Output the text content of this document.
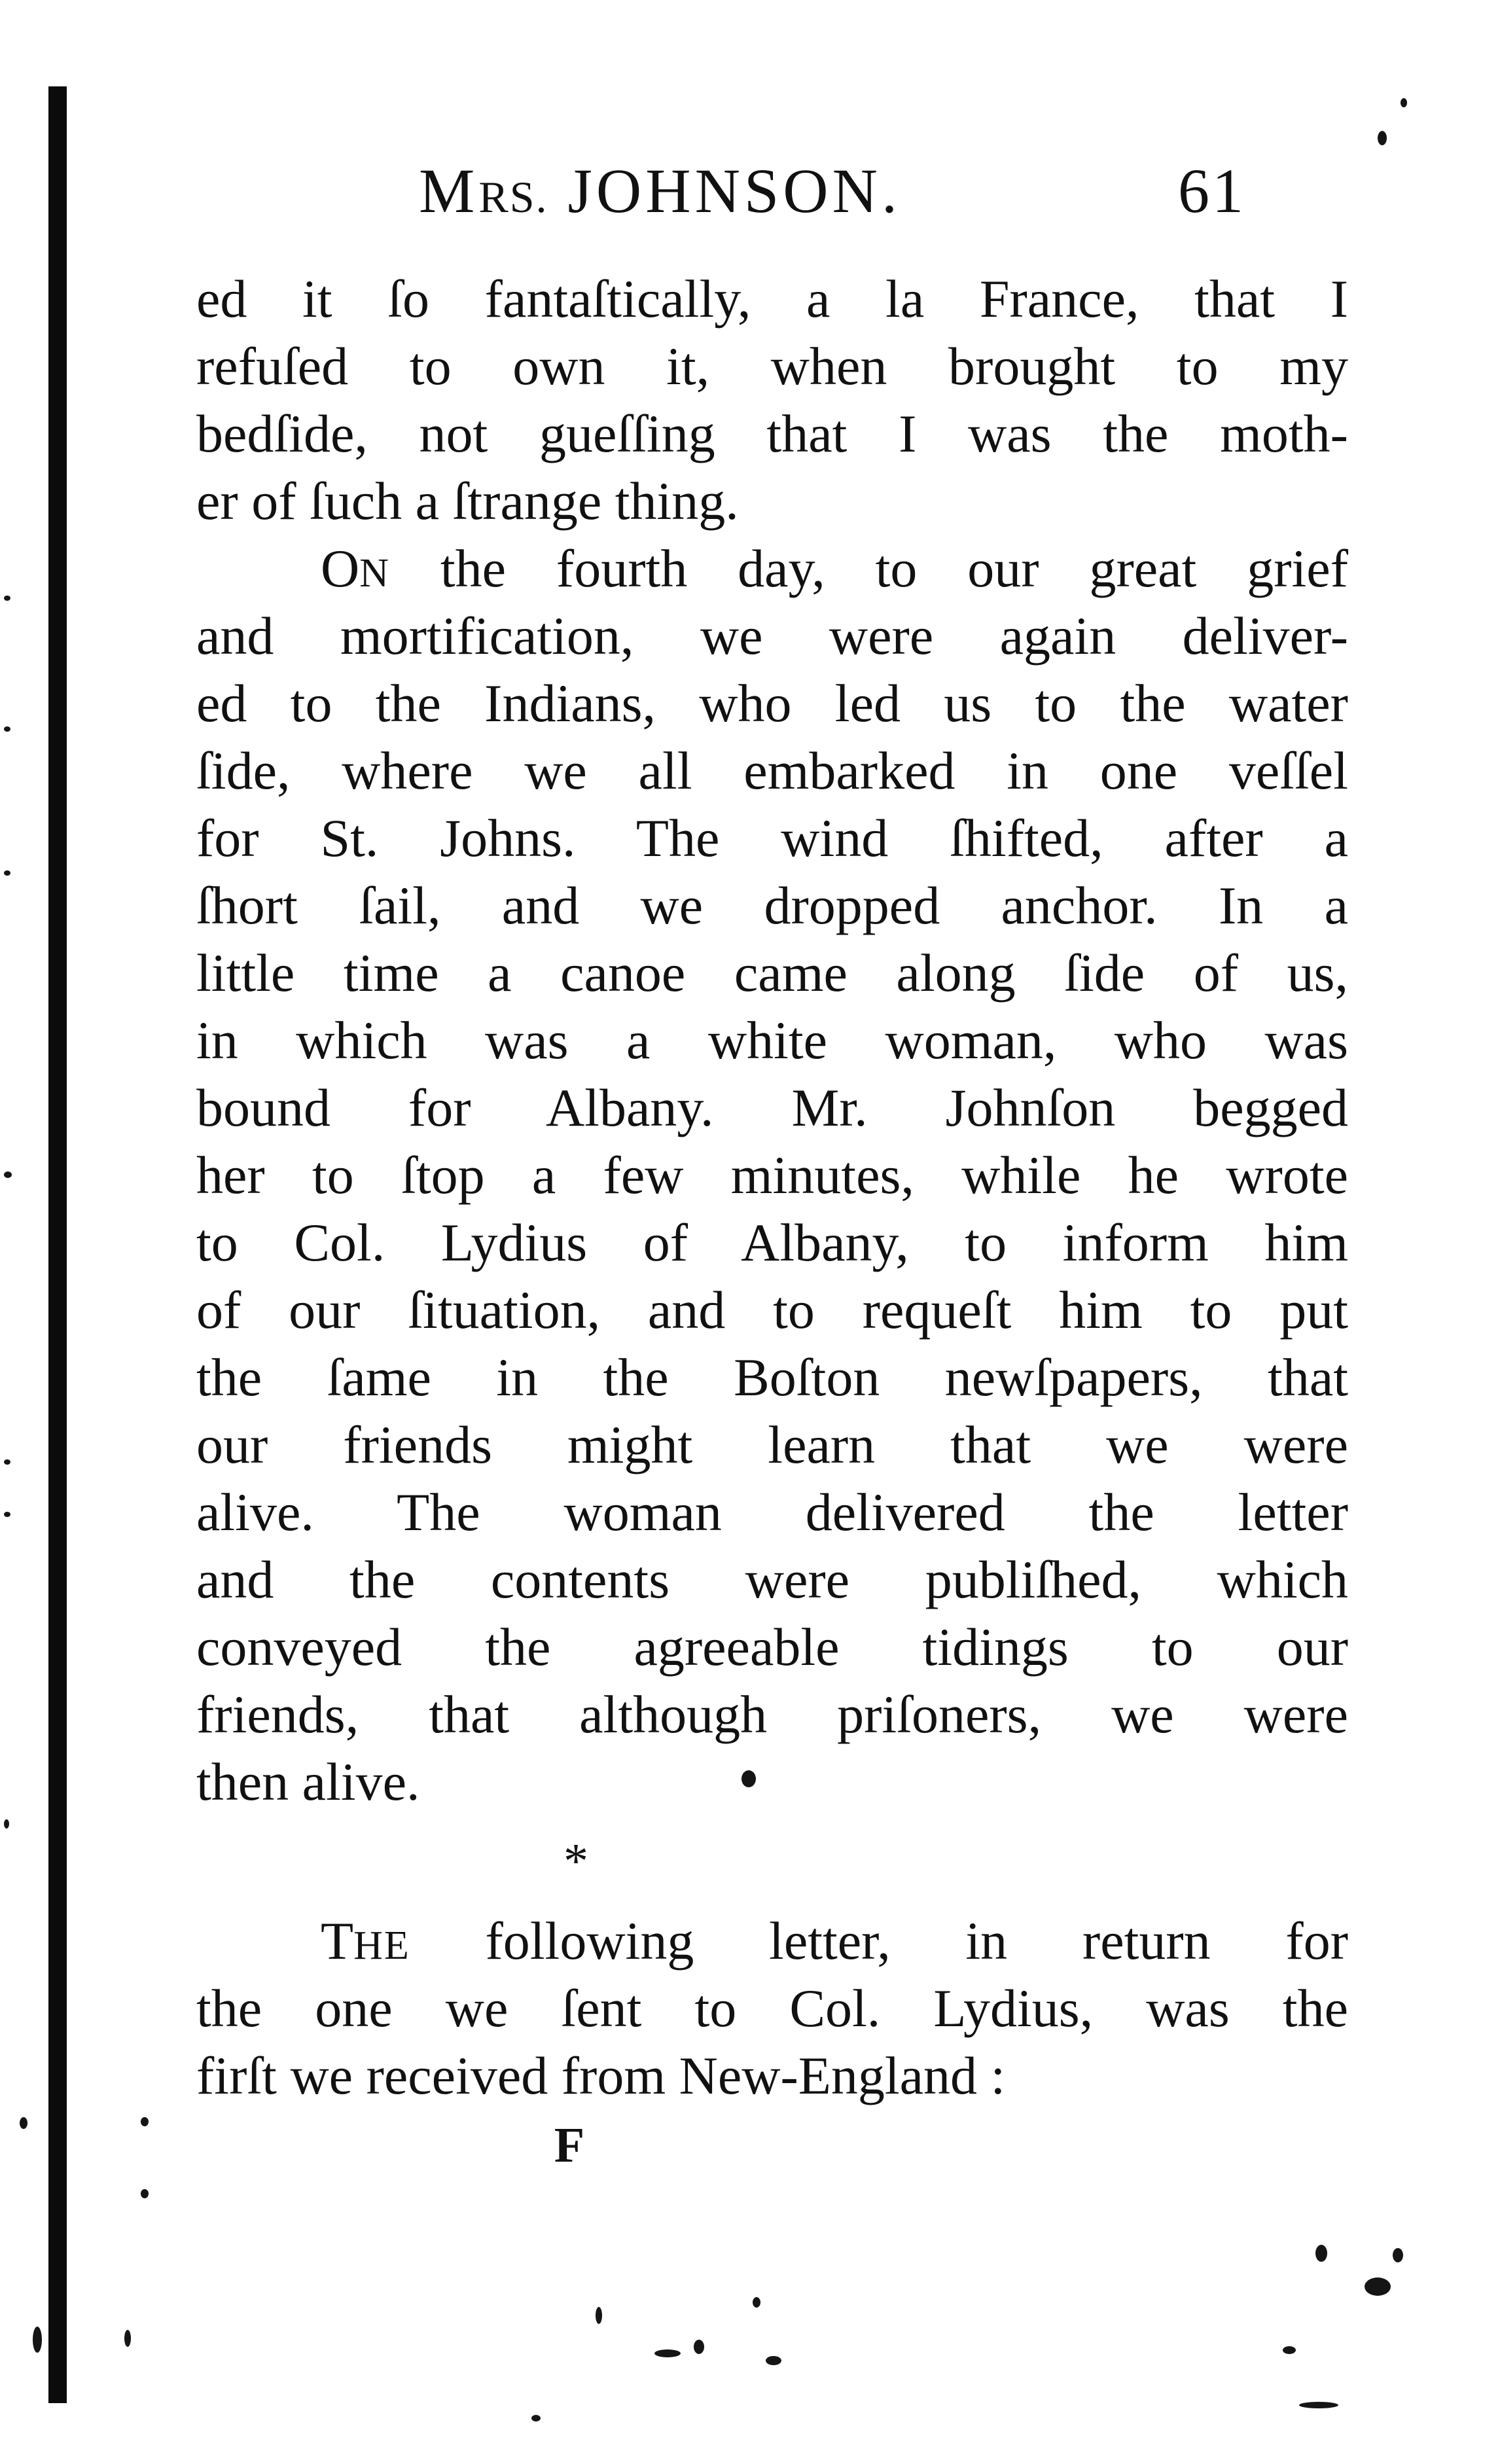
MRS. JOHNSON.	61
ed it ſo fantaſtically, a la France, that I
refuſed to own it, when brought to my
bedſide, not gueſſing that I was the moth-
er of ſuch a ſtrange thing.
ON the fourth day, to our great grief
and mortification, we were again deliver-
ed to the Indians, who led us to the water
ſide, where we all embarked in one veſſel
for St. Johns. The wind ſhifted, after a
ſhort ſail, and we dropped anchor. In a
little time a canoe came along ſide of us,
in which was a white woman, who was
bound for Albany. Mr. Johnſon begged
her to ſtop a few minutes, while he wrote
to Col. Lydius of Albany, to inform him
of our ſituation, and to requeſt him to put
the ſame in the Boſton newſpapers, that
our friends might learn that we were
alive. The woman delivered the letter
and the contents were publiſhed, which
conveyed the agreeable tidings to our
friends, that although priſoners, we were
then alive.
*
THE following letter, in return for
the one we ſent to Col. Lydius, was the
firſt we received from New-England :
F
